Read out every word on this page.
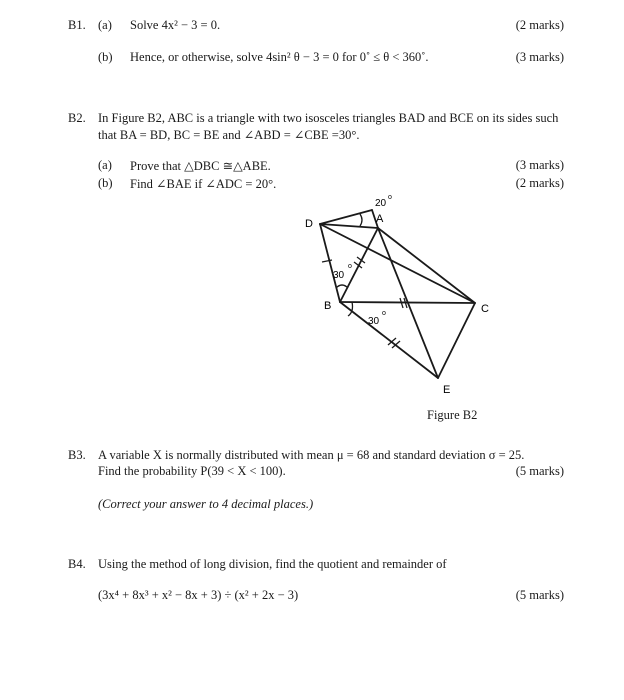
B1. (a) Solve 4x² − 3 = 0.	(2 marks)
(b) Hence, or otherwise, solve 4sin² θ − 3 = 0 for 0˚ ≤ θ < 360˚.	(3 marks)
B2. In Figure B2, ABC is a triangle with two isosceles triangles BAD and BCE on its sides such
that BA = BD, BC = BE and ∠ABD = ∠CBE =30°.
(a) Prove that △DBC ≅△ABE.	(3 marks)
(b) Find ∠BAE if ∠ADC = 20°.	(2 marks)
D	A
B	C
E
20
o
30
o
30
o
Figure B2
B3. A variable X is normally distributed with mean μ = 68 and standard deviation σ = 25.
Find the probability P(39 < X < 100).	(5 marks)
(Correct your answer to 4 decimal places.)
B4. Using the method of long division, find the quotient and remainder of
(3x⁴ + 8x³ + x² − 8x + 3) ÷ (x² + 2x − 3)	(5 marks)
